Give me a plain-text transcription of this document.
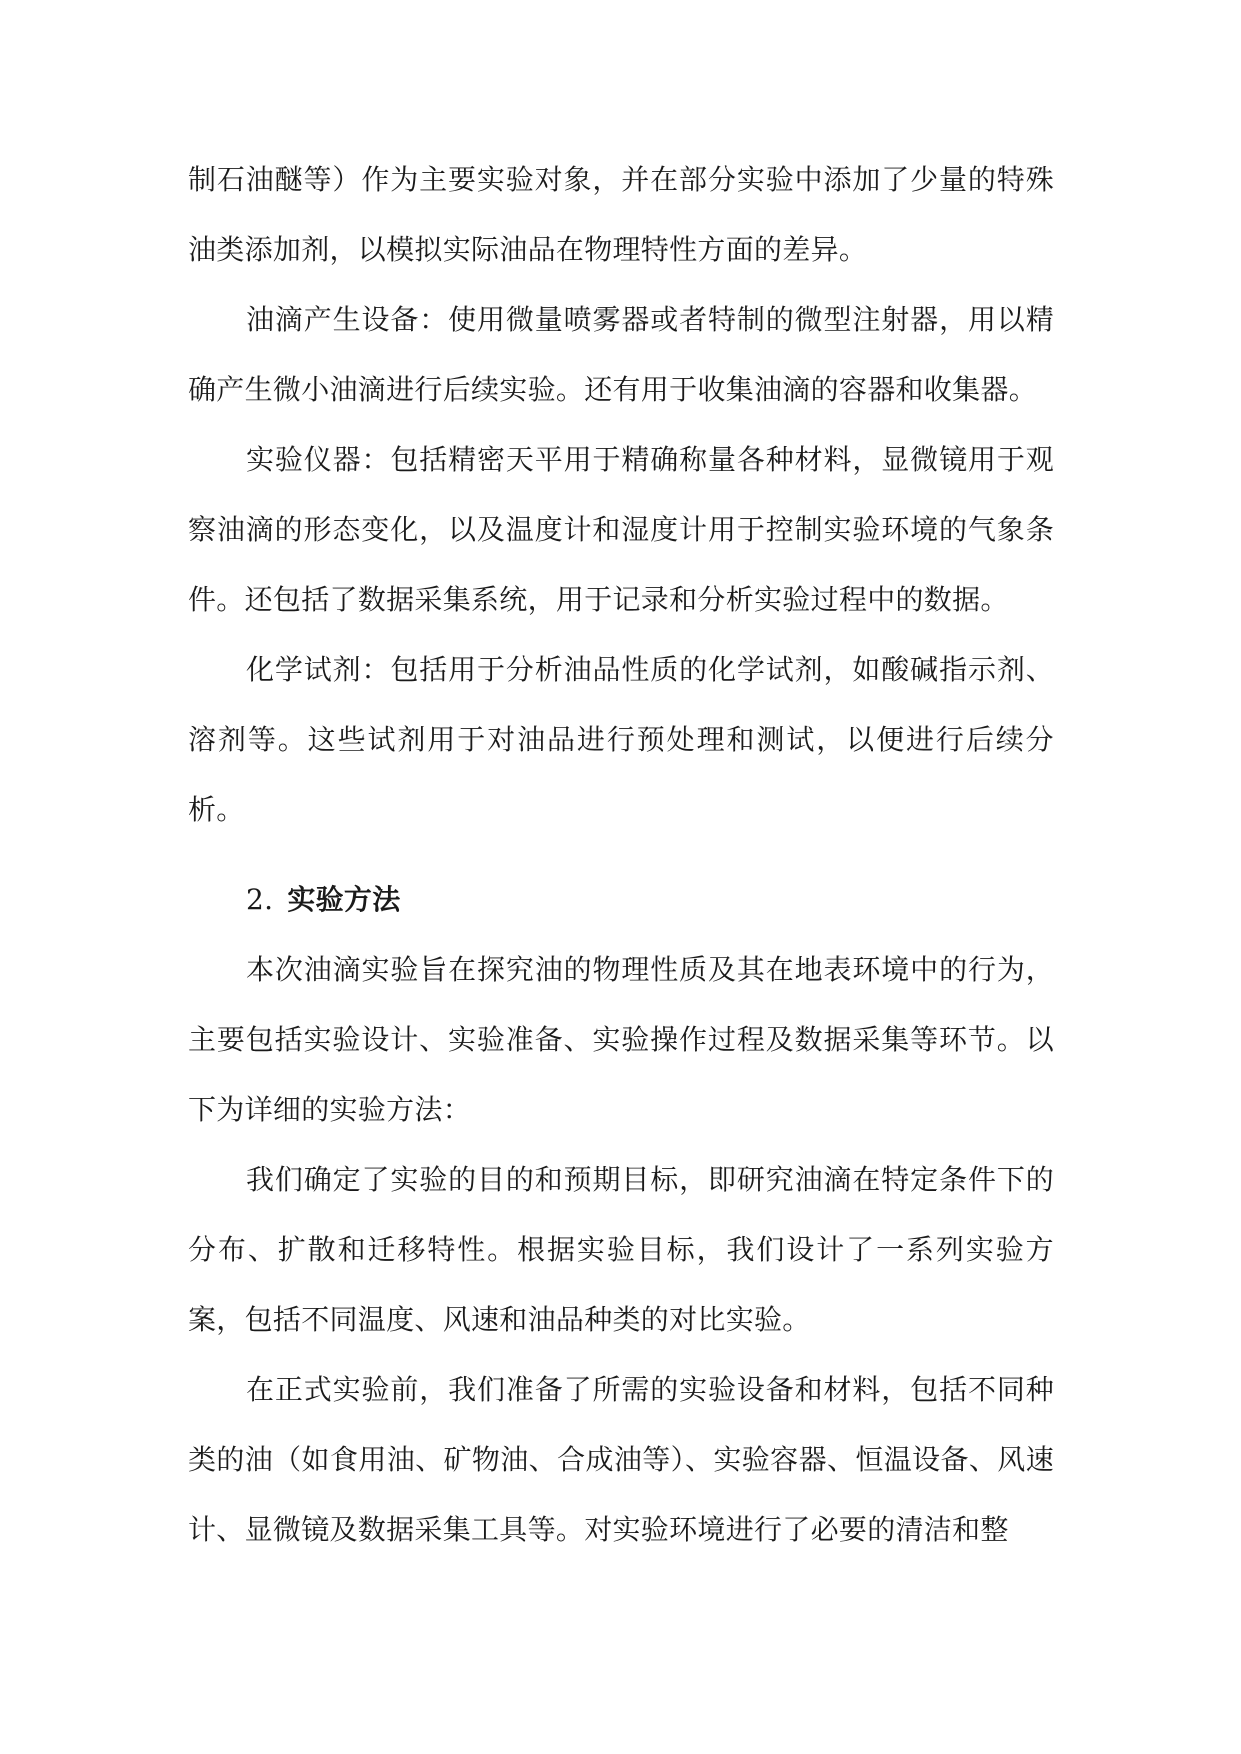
制石油醚等）作为主要实验对象，并在部分实验中添加了少量的特殊油类添加剂，以模拟实际油品在物理特性方面的差异。

油滴产生设备：使用微量喷雾器或者特制的微型注射器，用以精确产生微小油滴进行后续实验。还有用于收集油滴的容器和收集器。

实验仪器：包括精密天平用于精确称量各种材料，显微镜用于观察油滴的形态变化，以及温度计和湿度计用于控制实验环境的气象条件。还包括了数据采集系统，用于记录和分析实验过程中的数据。

化学试剂：包括用于分析油品性质的化学试剂，如酸碱指示剂、溶剂等。这些试剂用于对油品进行预处理和测试，以便进行后续分析。

2. 实验方法

本次油滴实验旨在探究油的物理性质及其在地表环境中的行为，主要包括实验设计、实验准备、实验操作过程及数据采集等环节。以下为详细的实验方法：

我们确定了实验的目的和预期目标，即研究油滴在特定条件下的分布、扩散和迁移特性。根据实验目标，我们设计了一系列实验方案，包括不同温度、风速和油品种类的对比实验。

在正式实验前，我们准备了所需的实验设备和材料，包括不同种类的油（如食用油、矿物油、合成油等）、实验容器、恒温设备、风速计、显微镜及数据采集工具等。对实验环境进行了必要的清洁和整
